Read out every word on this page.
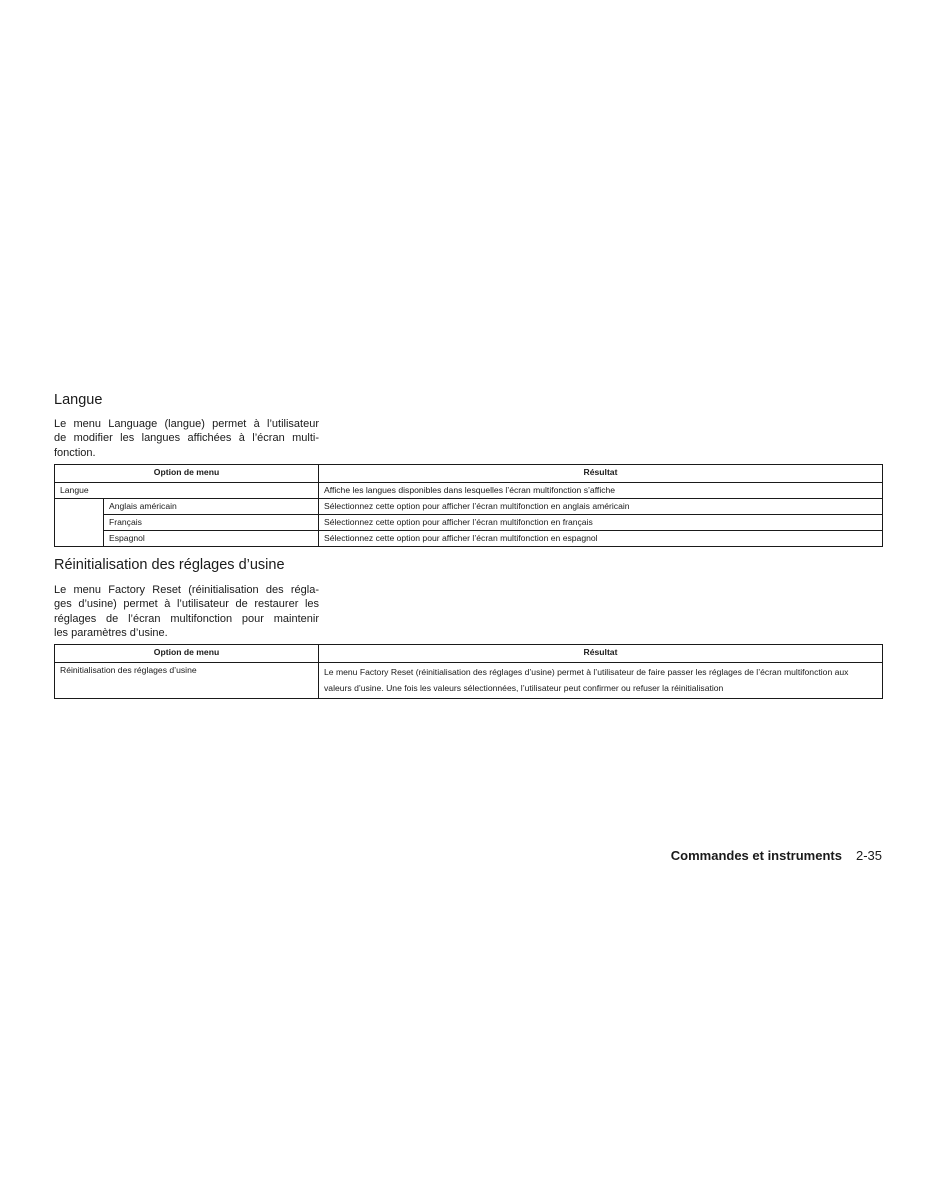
Langue

Le menu Language (langue) permet à l’utilisateur
de modifier les langues affichées à l’écran multi-
fonction.

Option de menu		Résultat
Langue		Affiche les langues disponibles dans lesquelles l’écran multifonction s’affiche
	Anglais américain	Sélectionnez cette option pour afficher l’écran multifonction en anglais américain
	Français	Sélectionnez cette option pour afficher l’écran multifonction en français
	Espagnol	Sélectionnez cette option pour afficher l’écran multifonction en espagnol
Réinitialisation des réglages d’usine

Le menu Factory Reset (réinitialisation des régla-
ges d’usine) permet à l’utilisateur de restaurer les
réglages de l’écran multifonction pour maintenir
les paramètres d’usine.

Option de menu	Résultat
Réinitialisation des réglages d’usine	Le menu Factory Reset (réinitialisation des réglages d’usine) permet à l’utilisateur de faire passer les réglages de l’écran multifonction aux valeurs d’usine. Une fois les valeurs sélectionnées, l’utilisateur peut confirmer ou refuser la réinitialisation
Commandes et instruments 2-35
